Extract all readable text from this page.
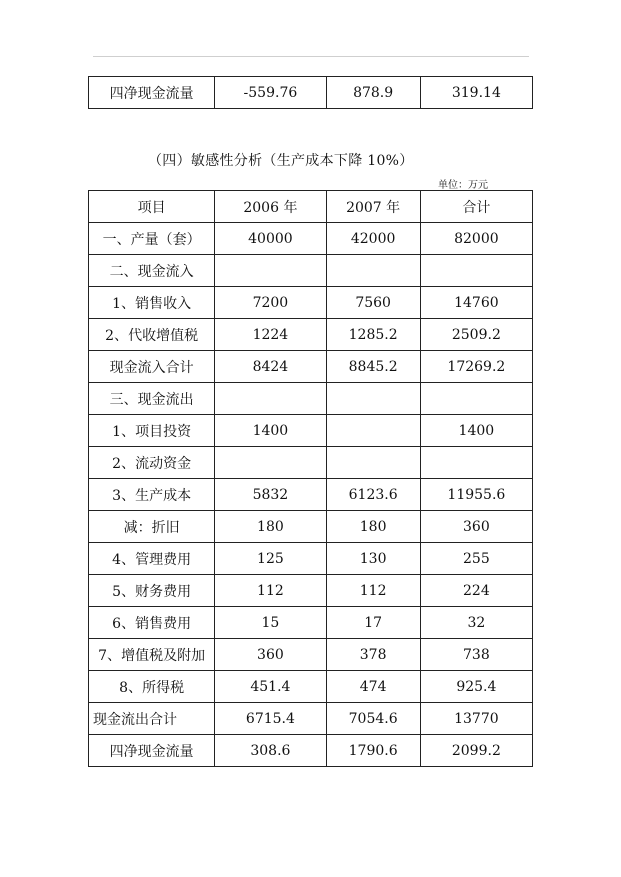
四净现金流量	-559.76	878.9	319.14
（四）敏感性分析（生产成本下降 10%）
单位：万元
项目	2006 年	2007 年	合计
一、产量（套）	40000	42000	82000
二、现金流入			
1、销售收入	7200	7560	14760
2、代收增值税	1224	1285.2	2509.2
现金流入合计	8424	8845.2	17269.2
三、现金流出			
1、项目投资	1400		1400
2、流动资金			
3、生产成本	5832	6123.6	11955.6
减：折旧	180	180	360
4、管理费用	125	130	255
5、财务费用	112	112	224
6、销售费用	15	17	32
7、增值税及附加	360	378	738
8、所得税	451.4	474	925.4
现金流出合计	6715.4	7054.6	13770
四净现金流量	308.6	1790.6	2099.2
